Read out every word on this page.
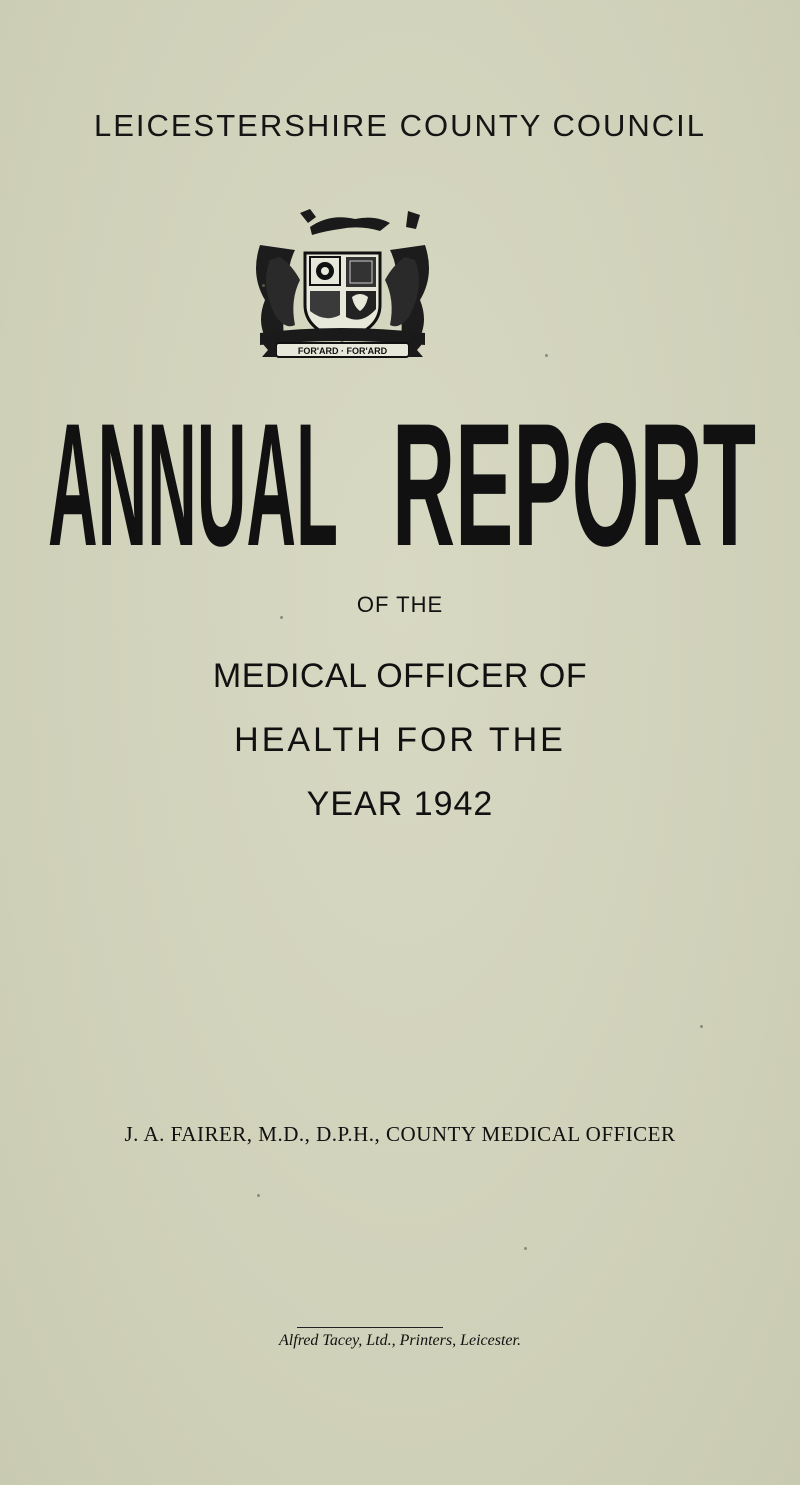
LEICESTERSHIRE COUNTY COUNCIL
FOR'ARD · FOR'ARD
ANNUAL REPORT
OF THE
MEDICAL OFFICER OF
HEALTH FOR THE
YEAR 1942
J. A. FAIRER, M.D., D.P.H., COUNTY MEDICAL OFFICER
Alfred Tacey, Ltd., Printers, Leicester.
